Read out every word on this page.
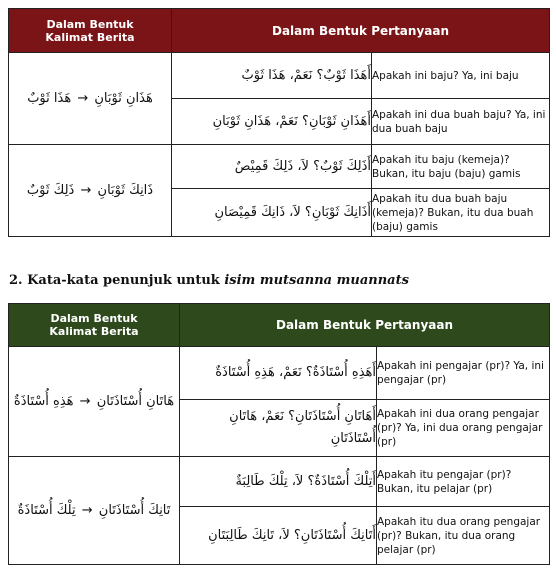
Dalam Bentuk
Kalimat Berita	Dalam Bentuk Pertanyaan	
هَذَانِ ثَوْبَانِ → هَذَا ثَوْبٌ	أَهَذَا ثَوْبٌ؟ نَعَمْ، هَذَا ثَوْبٌ	Apakah ini baju? Ya, ini baju
	أَهَذَانِ ثَوْبَانِ؟ نَعَمْ، هَذَانِ ثَوْبَانِ	Apakah ini dua buah baju? Ya, ini dua buah baju
ذَانِكَ ثَوْبَانِ → ذَلِكَ ثَوْبٌ	أَذَلِكَ ثَوْبٌ؟ لاَ، ذَلِكَ قَمِيْصٌ	Apakah itu baju (kemeja)? Bukan, itu baju (baju) gamis
	أَذَانِكَ ثَوْبَانِ؟ لاَ، ذَانِكَ قَمِيْصَانِ	Apakah itu dua buah baju (kemeja)? Bukan, itu dua buah (baju) gamis

2. Kata-kata penunjuk untuk isim mutsanna muannats

Dalam Bentuk
Kalimat Berita	Dalam Bentuk Pertanyaan	
هَاتَانِ أُسْتَاذَتَانِ → هَذِهِ أُسْتَاذَةٌ	أَهَذِهِ أُسْتَاذَةٌ؟ نَعَمْ، هَذِهِ أُسْتَاذَةٌ	Apakah ini pengajar (pr)? Ya, ini pengajar (pr)
	أَهَاتَانِ أُسْتَاذَتَانِ؟ نَعَمْ، هَاتَانِ أُسْتَاذَتَانِ	Apakah ini dua orang pengajar (pr)? Ya, ini dua orang pengajar (pr)
تَانِكَ أُسْتَاذَتَانِ → تِلْكَ أُسْتَاذَةٌ	أَتِلْكَ أُسْتَاذَةٌ؟ لاَ، تِلْكَ طَالِبَةٌ	Apakah itu pengajar (pr)? Bukan, itu pelajar (pr)
	أَتَانِكَ أُسْتَاذَتَانِ؟ لاَ، تَانِكَ طَالِبَتَانِ	Apakah itu dua orang pengajar (pr)? Bukan, itu dua orang pelajar (pr)
